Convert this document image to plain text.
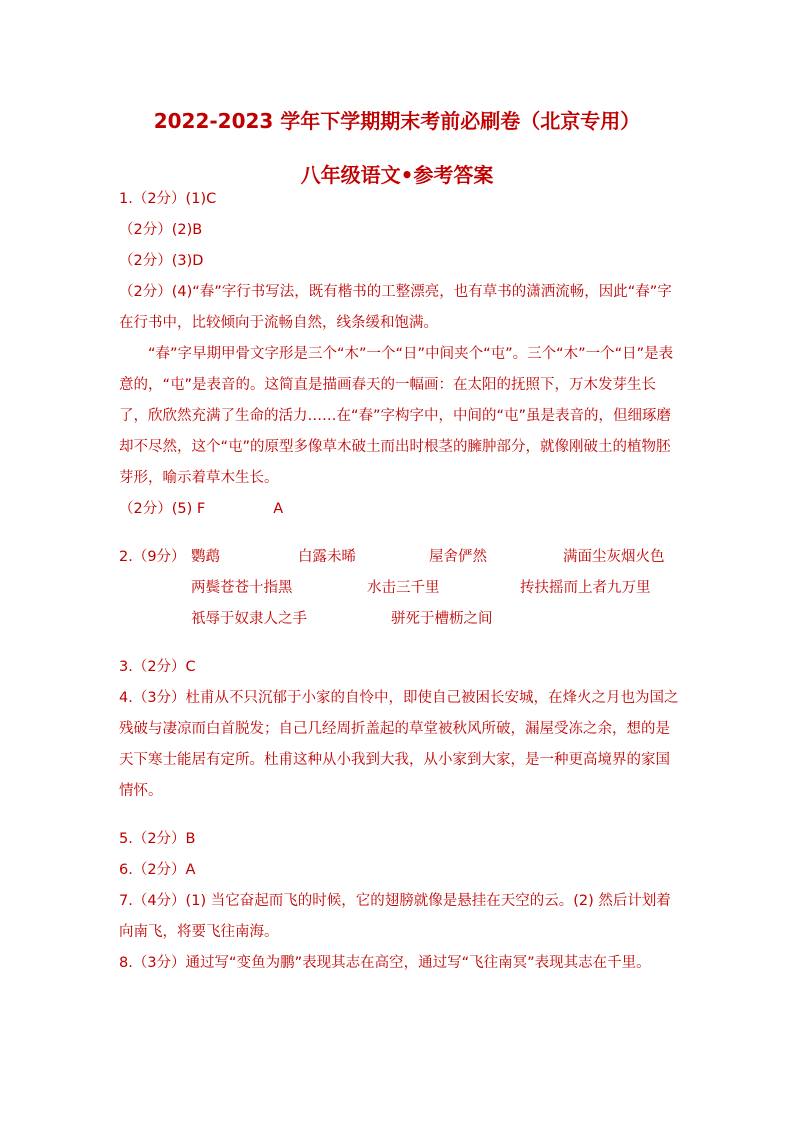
2022-2023 学年下学期期末考前必刷卷（北京专用）
八年级语文•参考答案

1.（2分）(1)C

（2分）(2)B

（2分）(3)D

（2分）(4)“春”字行书写法，既有楷书的工整漂亮，也有草书的潇洒流畅，因此“春”字在行书中，比较倾向于流畅自然，线条缓和饱满。

“春”字早期甲骨文字形是三个“木”一个“日”中间夹个“屯”。三个“木”一个“日”是表意的，“屯”是表音的。这简直是描画春天的一幅画：在太阳的抚照下，万木发芽生长了，欣欣然充满了生命的活力……在“春”字构字中，中间的“屯”虽是表音的，但细琢磨却不尽然，这个“屯”的原型多像草木破土而出时根茎的臃肿部分，就像刚破土的植物胚芽形，喻示着草木生长。

（2分）(5) F	A

2.（9分） 鹦鹉	白露未晞	屋舍俨然	满面尘灰烟火色
两鬓苍苍十指黑	水击三千里	抟扶摇而上者九万里
祇辱于奴隶人之手	骈死于槽枥之间

3.（2分）C

4.（3分）杜甫从不只沉郁于小家的自怜中，即使自己被困长安城，在烽火之月也为国之残破与凄凉而白首脱发；自己几经周折盖起的草堂被秋风所破，漏屋受冻之余，想的是天下寒士能居有定所。杜甫这种从小我到大我，从小家到大家，是一种更高境界的家国情怀。

5.（2分）B

6.（2分）A

7.（4分）(1) 当它奋起而飞的时候，它的翅膀就像是悬挂在天空的云。(2) 然后计划着向南飞，将要飞往南海。

8.（3分）通过写“变鱼为鹏”表现其志在高空，通过写“飞往南冥”表现其志在千里。
